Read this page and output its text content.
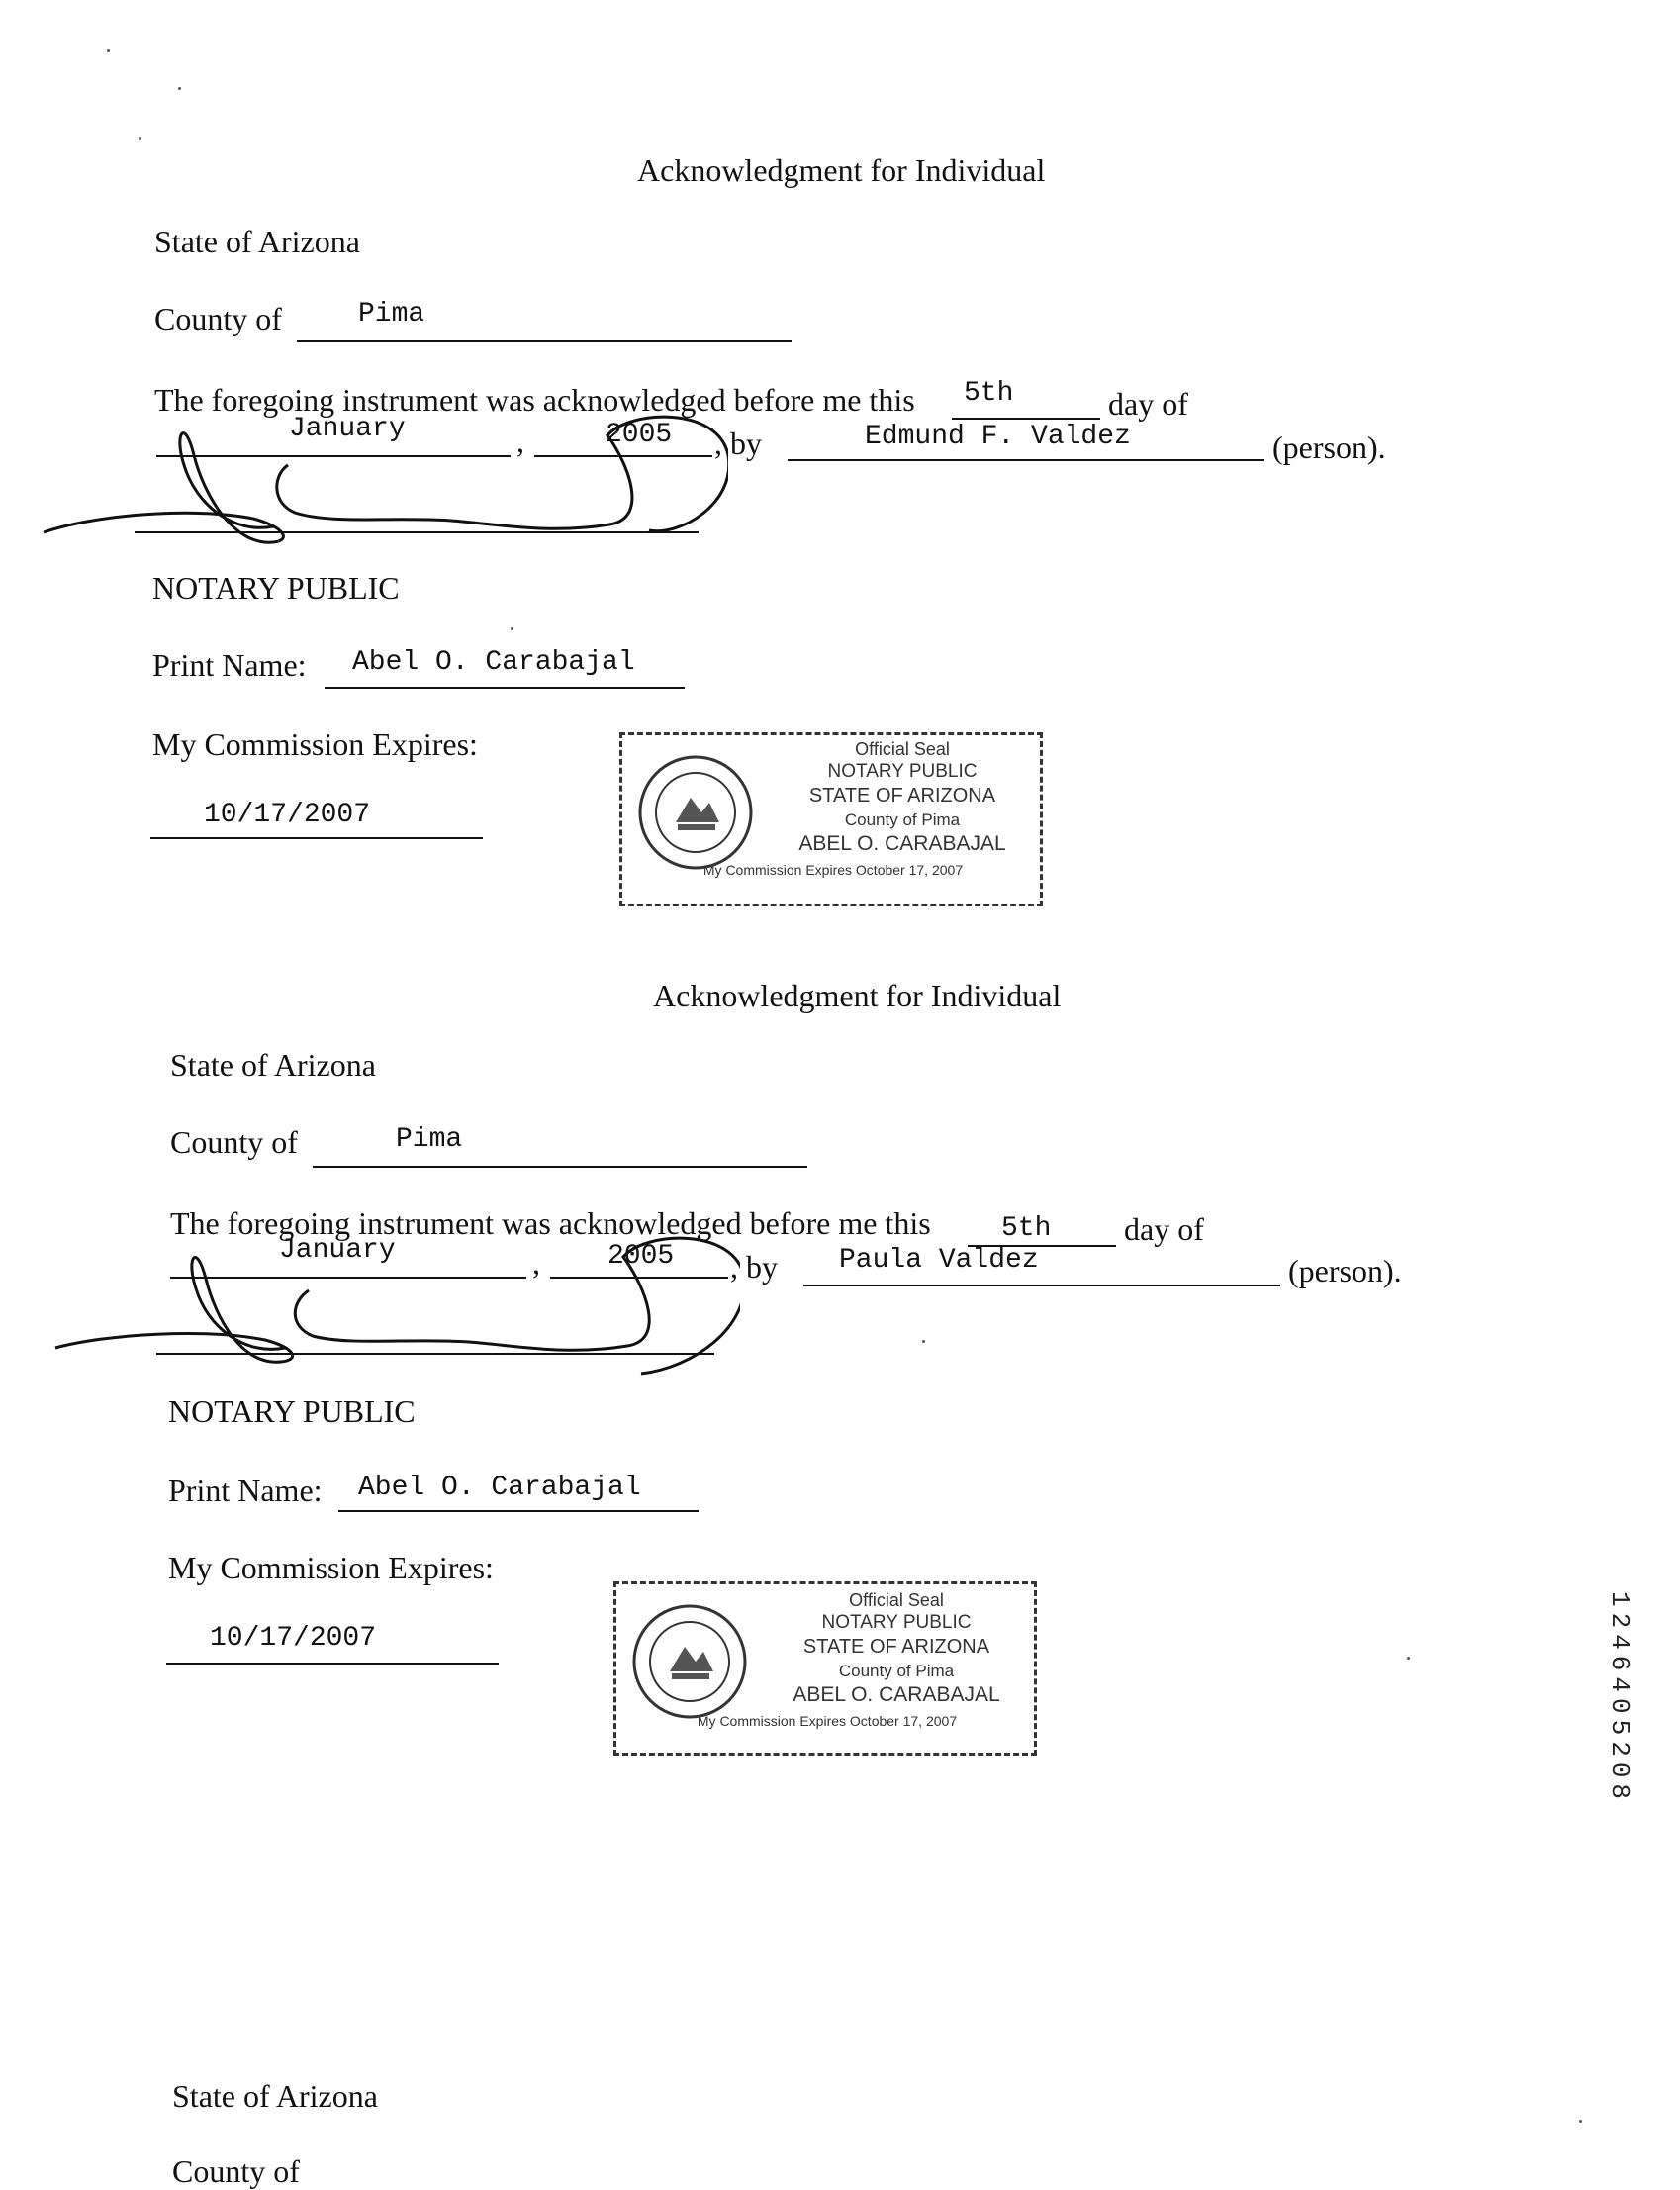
Acknowledgment for Individual
State of Arizona
County of	Pima
The foregoing instrument was acknowledged before me this 5th	day of
January	,	2005 , by	Edmund F. Valdez	(person).
NOTARY PUBLIC
Print Name: Abel O. Carabajal
My Commission Expires:
10/17/2007
Official Seal
NOTARY PUBLIC
STATE OF ARIZONA
County of Pima
ABEL O. CARABAJAL
My Commission Expires October 17, 2007
Acknowledgment for Individual
State of Arizona
County of	Pima
The foregoing instrument was acknowledged before me this	5th day of
January	, 2005 , by Paula Valdez	(person).
NOTARY PUBLIC
Print Name: Abel O. Carabajal
My Commission Expires:
10/17/2007
Official Seal
NOTARY PUBLIC
STATE OF ARIZONA
County of Pima
ABEL O. CARABAJAL
My Commission Expires October 17, 2007
State of Arizona
County of
1246405208
